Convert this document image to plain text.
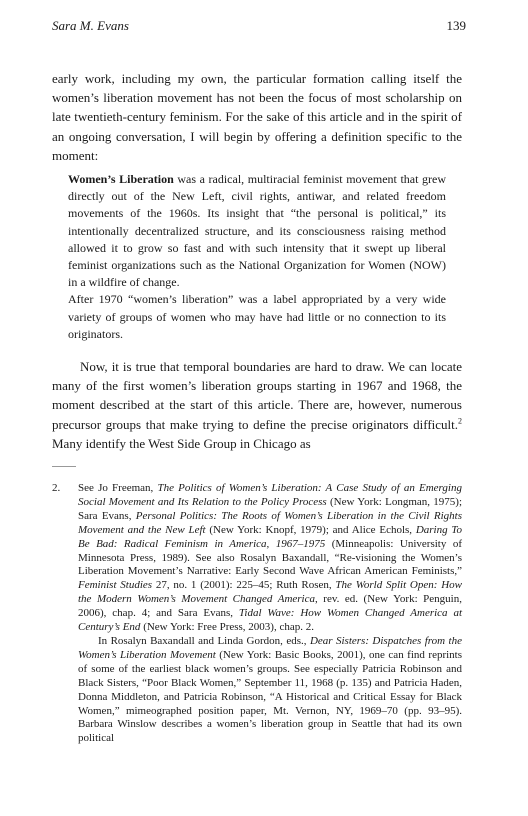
Sara M. Evans	139

early work, including my own, the particular formation calling itself the women’s liberation movement has not been the focus of most scholarship on late twentieth-century feminism. For the sake of this article and in the spirit of an ongoing conversation, I will begin by offering a definition specific to the moment:

Women’s Liberation was a radical, multiracial feminist movement that grew directly out of the New Left, civil rights, antiwar, and related freedom movements of the 1960s. Its insight that “the personal is political,” its intentionally decentralized structure, and its consciousness raising method allowed it to grow so fast and with such intensity that it swept up liberal feminist organizations such as the National Organization for Women (NOW) in a wildfire of change.
After 1970 “women’s liberation” was a label appropriated by a very wide variety of groups of women who may have had little or no connection to its originators.

Now, it is true that temporal boundaries are hard to draw. We can locate many of the first women’s liberation groups starting in 1967 and 1968, the moment described at the start of this article. There are, however, numerous precursor groups that make trying to define the precise originators difficult.$^2$ Many identify the West Side Group in Chicago as

2. See Jo Freeman, The Politics of Women’s Liberation: A Case Study of an Emerging Social Movement and Its Relation to the Policy Process (New York: Longman, 1975); Sara Evans, Personal Politics: The Roots of Women’s Liberation in the Civil Rights Movement and the New Left (New York: Knopf, 1979); and Alice Echols, Daring To Be Bad: Radical Feminism in America, 1967–1975 (Minneapolis: University of Minnesota Press, 1989). See also Rosalyn Baxandall, “Re-visioning the Women’s Liberation Movement’s Narrative: Early Second Wave African American Feminists,” Feminist Studies 27, no. 1 (2001): 225–45; Ruth Rosen, The World Split Open: How the Modern Women’s Movement Changed America, rev. ed. (New York: Penguin, 2006), chap. 4; and Sara Evans, Tidal Wave: How Women Changed America at Century’s End (New York: Free Press, 2003), chap. 2.

In Rosalyn Baxandall and Linda Gordon, eds., Dear Sisters: Dispatches from the Women’s Liberation Movement (New York: Basic Books, 2001), one can find reprints of some of the earliest black women’s groups. See especially Patricia Robinson and Black Sisters, “Poor Black Women,” September 11, 1968 (p. 135) and Patricia Haden, Donna Middleton, and Patricia Robinson, “A Historical and Critical Essay for Black Women,” mimeographed position paper, Mt. Vernon, NY, 1969–70 (pp. 93–95). Barbara Winslow describes a women’s liberation group in Seattle that had its own political
